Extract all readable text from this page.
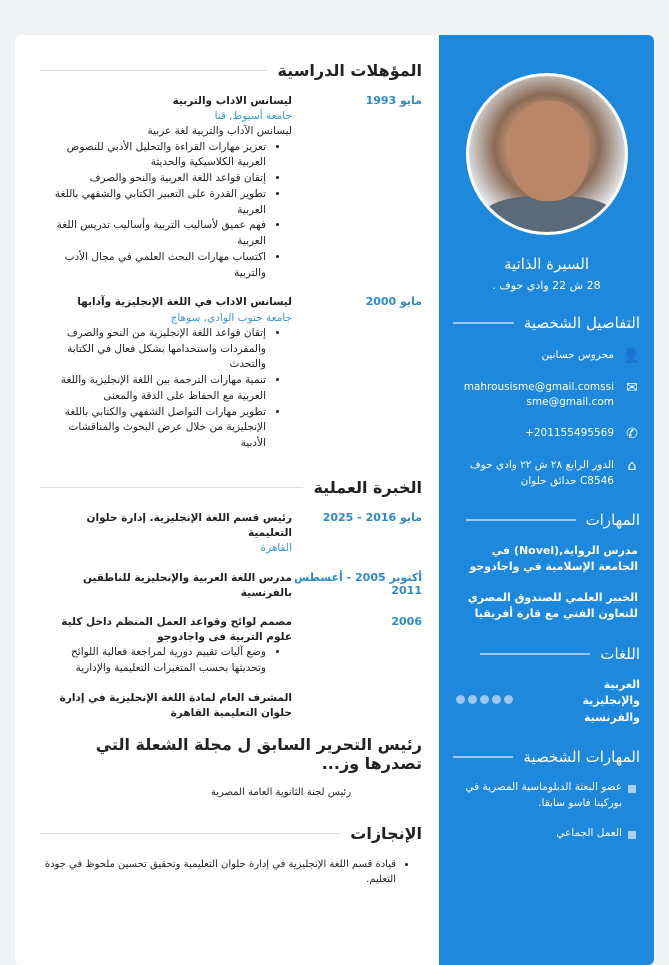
السيرة الذاتية
28 ش 22 وادي حوف .
التفاصيل الشخصية
👤
محروس حسانين
✉
mahrousisme@gmail.comssisme@gmail.com
✆
201155495569+
⌂
الدور الرابع ٢٨ ش ٢٢ وادي حوف C8546 حدائق حلوان
المهارات
مدرس الرواية,(Novel) في الجامعة الإسلامية في واجادوجو
الخبير العلمي للصندوق المصري للتعاون الفني مع قارة أفريقيا
اللغات
العربية والإنجليزية والفرنسية
المهارات الشخصية
عضو البعثة الدبلوماسية المصرية في بوركينا فاسو سابقا.
العمل الجماعي
المؤهلات الدراسية
مايو 1993
ليسانس الاداب والتربية
جامعة أسيوط, قنا
ليسانس الآداب والتربية لغة عربية
• تعزيز مهارات القراءة والتحليل الأدبي للنصوص العربية الكلاسيكية والحديثة
• إتقان قواعد اللغة العربية والنحو والصرف
• تطوير القدرة على التعبير الكتابي والشفهي باللغة العربية
• فهم عميق لأساليب التربية وأساليب تدريس اللغة العربية
• اكتساب مهارات البحث العلمي في مجال الأدب والتربية
مايو 2000
ليسانس الاداب في اللغة الإنجليزية وآدابها
جامعة جنوب الوادي, سوهاج
• إتقان قواعد اللغة الإنجليزية من النحو والصرف والمفردات واستخدامها بشكل فعال في الكتابة والتحدث
• تنمية مهارات الترجمة بين اللغة الإنجليزية واللغة العربية مع الحفاظ على الدقة والمعنى
• تطوير مهارات التواصل الشفهي والكتابي باللغة الإنجليزية من خلال عرض البحوث والمناقشات الأدبية
الخبرة العملية
مايو 2016 - 2025
رئيس قسم اللغة الإنجليزية. إدارة حلوان التعليمية
القاهرة
أكتوبر 2005 - أغسطس 2011
مدرس اللغة العربية والإنجليزية للناطقين بالفرنسية
2006
مصمم لوائح وقواعد العمل المنظم داخل كلية علوم التربية فى واجادوجو
• وضع آليات تقييم دورية لمراجعة فعالية اللوائح وتحديثها بحسب المتغيرات التعليمية والإدارية
المشرف العام لمادة اللغة الإنجليزية في إدارة حلوان التعليمية القاهرة
رئيس التحرير السابق ل مجلة الشعلة التي تصدرها وز...
رئيس لجنة الثانوية العامة المصرية
الإنجازات
• قيادة قسم اللغة الإنجليزية في إدارة حلوان التعليمية وتحقيق تحسين ملحوظ في جودة التعليم.
